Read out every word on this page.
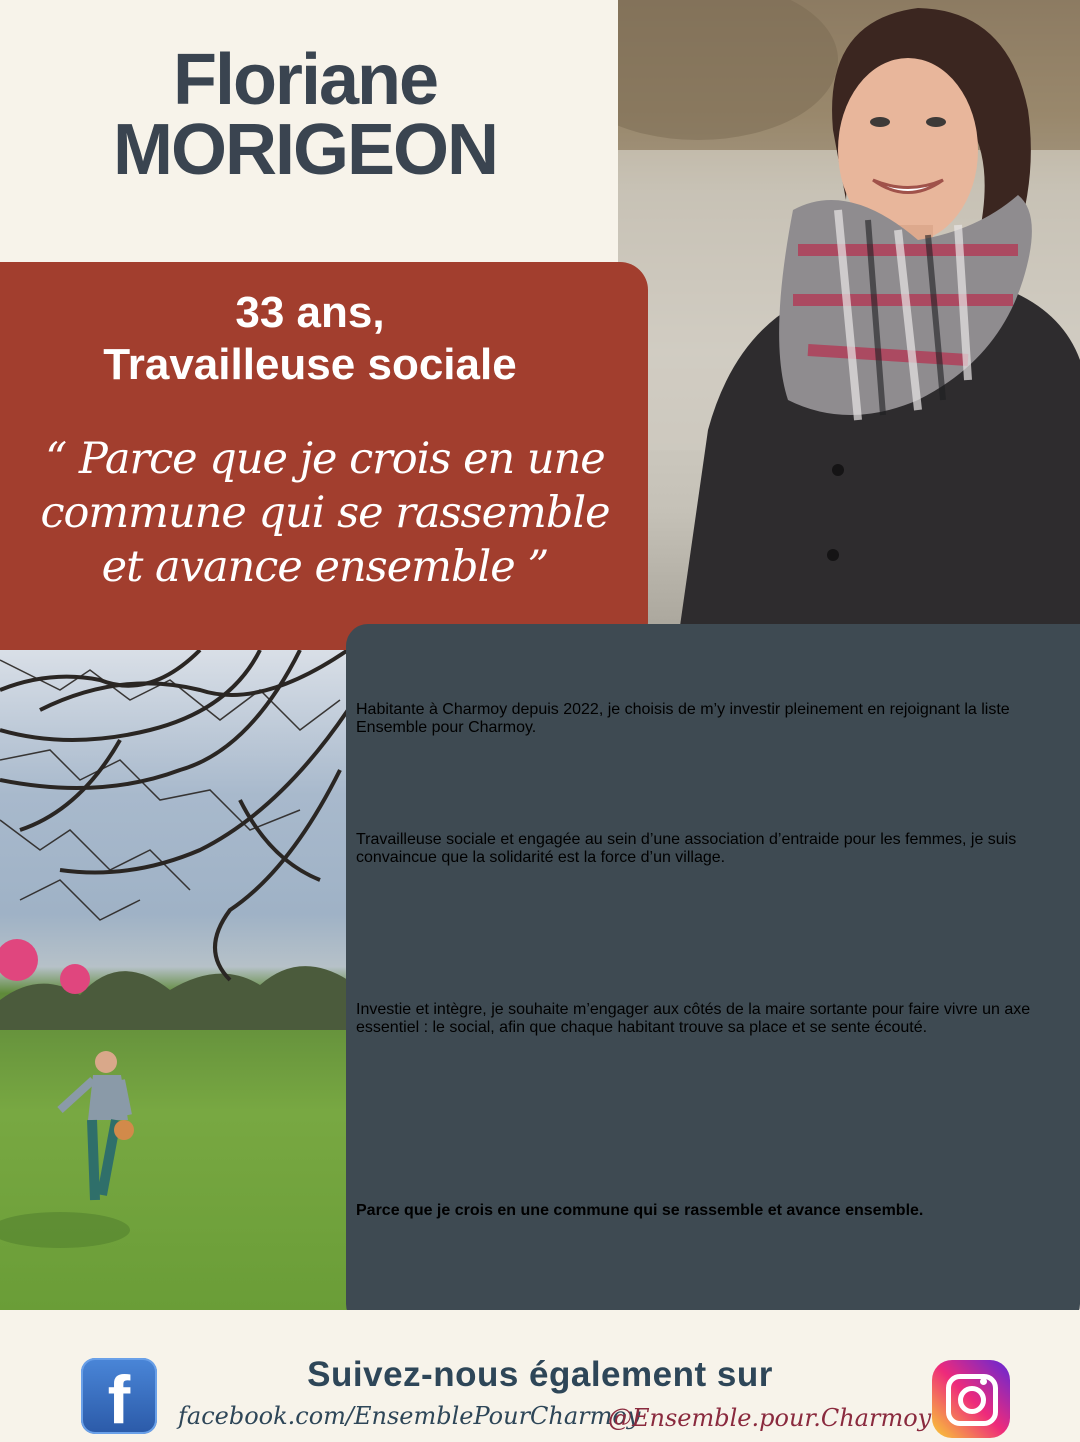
Floriane
MORIGEON
33 ans,
Travailleuse sociale
“ Parce que je crois en une commune qui se rassemble et avance ensemble ”

Habitante à Charmoy depuis 2022, je choisis de m’y investir pleinement en rejoignant la liste Ensemble pour Charmoy.

Travailleuse sociale et engagée au sein d’une association d’entraide pour les femmes, je suis convaincue que la solidarité est la force d’un village.

Investie et intègre, je souhaite m’engager aux côtés de la maire sortante pour faire vivre un axe essentiel : le social, afin que chaque habitant trouve sa place et se sente écouté.

Parce que je crois en une commune qui se rassemble et avance ensemble.

f	Suivez-nous également sur
facebook.com/EnsemblePourCharmoy
@Ensemble.pour.Charmoy
